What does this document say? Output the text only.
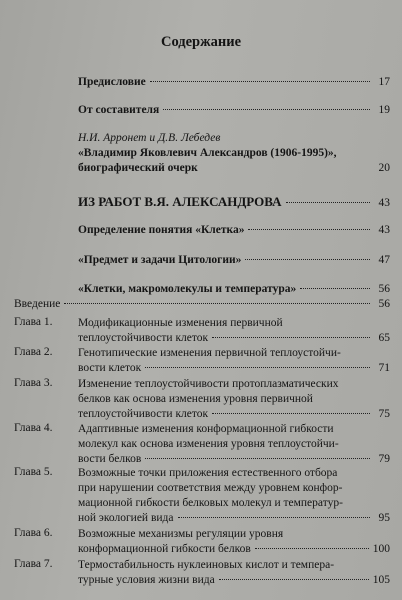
Содержание
Предисловие	17
От составителя	19
Н.И. Арронет и Д.В. Лебедев
«Владимир Яковлевич Александров (1906-1995)»,
биографический очерк	20
ИЗ РАБОТ В.Я. АЛЕКСАНДРОВА	43
Определение понятия «Клетка»	43
«Предмет и задачи Цитологии»	47
«Клетки, макромолекулы и температура»	56
Введение	56
Глава 1.	Модификационные изменения первичной
теплоустойчивости клеток	65
Глава 2.	Генотипические изменения первичной теплоустойчи-
вости клеток	71
Глава 3.	Изменение теплоустойчивости протоплазматических
белков как основа изменения уровня первичной
теплоустойчивости клеток	75
Глава 4.	Адаптивные изменения конформационной гибкости
молекул как основа изменения уровня теплоустойчи-
вости белков	79
Глава 5.	Возможные точки приложения естественного отбора
при нарушении соответствия между уровнем конфор-
мационной гибкости белковых молекул и температур-
ной экологией вида	95
Глава 6.	Возможные механизмы регуляции уровня
конформационной гибкости белков	100
Глава 7.	Термостабильность нуклеиновых кислот и темпера-
турные условия жизни вида	105
